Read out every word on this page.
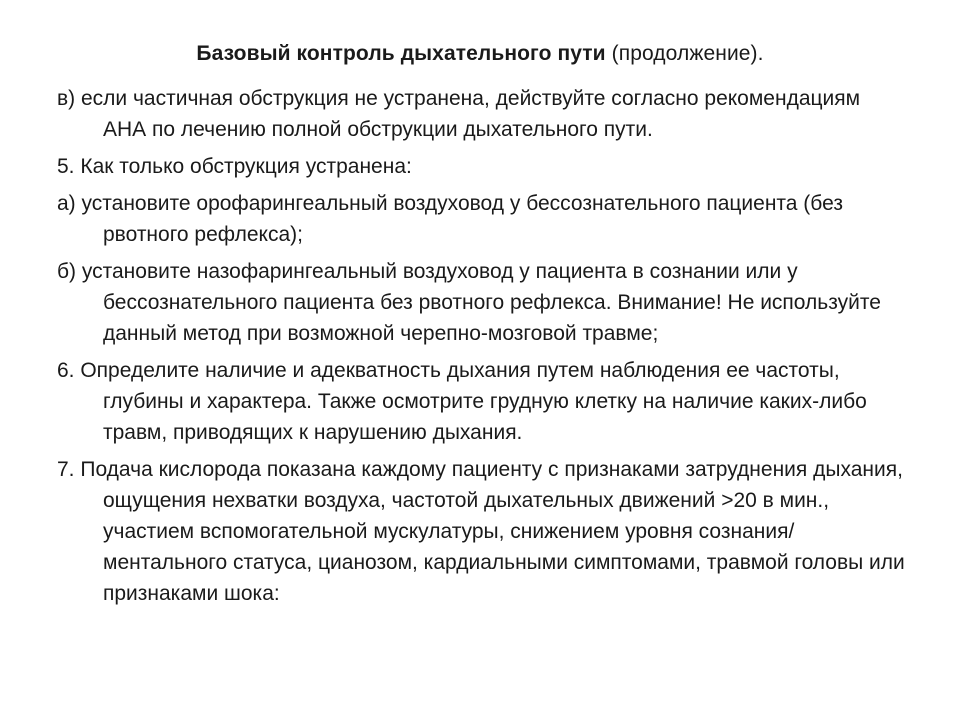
Базовый контроль дыхательного пути (продолжение).

в) если частичная обструкция не устранена, действуйте согласно рекомендациям АНА по лечению полной обструкции дыхательного пути.

5. Как только обструкция устранена:

а) установите орофарингеальный воздуховод у бессознательного пациента (без рвотного рефлекса);

б) установите назофарингеальный воздуховод у пациента в сознании или у бессознательного пациента без рвотного рефлекса. Внимание! Не используйте данный метод при возможной черепно-мозговой травме;

6. Определите наличие и адекватность дыхания путем наблюдения ее частоты, глубины и характера. Также осмотрите грудную клетку на наличие каких-либо травм, приводящих к нарушению дыхания.

7. Подача кислорода показана каждому пациенту с признаками затруднения дыхания, ощущения нехватки воздуха, частотой дыхательных движений >20 в мин., участием вспомогательной мускулатуры, снижением уровня сознания/ментального статуса, цианозом, кардиальными симптомами, травмой головы или признаками шока:
